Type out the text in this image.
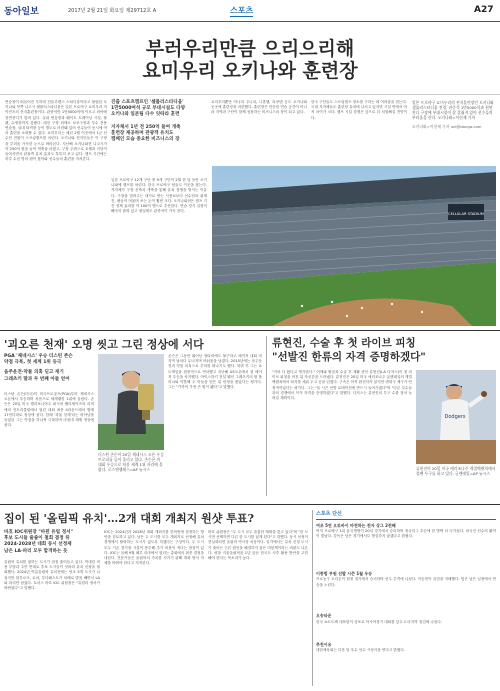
동아일보	2017년 2월 21일 화요일 제29712호 A	스포츠	A27
부러우리만큼 으리으리해
요미우리 오키나와 훈련장
연습장이 떠들어진 투하라 컨퓨루켄스 스타디움이라고 불렀던 오키나와 북쪽 나고시 셀룰러스타디움은 일본 프로야구 요미우리 자이언츠의 전지훈련장이다. 관중석만 1만5000석에 이르고 외야에 천연잔디가 깔려 있다. 실내 연습장과 웨이트 트레이닝 시설, 불펜, 수영장까지 갖췄다. 메인 구장 외에도 보조구장과 투수 전용 연습장, 실내 타격장 등이 별도로 마련돼 있어 선수들이 동시에 여러 훈련을 소화할 수 있다. 요미우리는 매년 2월 이곳에서 1군 선수단 전원이 스프링캠프를 차린다. 오키나와 현지인들은 이 구장을 부러움 가득한 눈으로 바라본다. 지난해 오키나와현 나고시가 약 250억 원을 들여 개축을 마쳤고, 구장 주변으로 호텔과 식당이 들어서면서 관광객 유치 효과도 톡톡히 보고 있다. 캠프 기간에는 하루 수천 명의 팬이 찾아와 선수들의 훈련을 지켜본다.
진출 스포츠캠프인 '셀룰러스타디움'
1만5000여석 규모 부대시설도 다양
오키나와 일본팀 다수 잇따라 훈련
지자체서 1년 전 250억 들여 개축
훈련장 제공하며 관광객 유치도
캠페인 모습 중요한 비즈니스의 장
일본 프로야구 12개 구단 중 9개 구단이 2월 한 달 동안 오키나와에 캠프를 차린다. 한국 프로야구 팀들도 이곳을 찾는다. 지자체가 구장 신축과 개축을 통해 유치 경쟁을 벌이는 이유다. 구장을 빌려주는 대가로 받는 사용료보다 선수단과 취재진, 팬들이 머물며 쓰는 돈이 훨씬 크다. 오키나와현은 캠프 기간 경제 효과를 약 100억 엔으로 추산한다. 연습 경기 일정이 빼곡히 잡혀 있고 평일에도 관중석이 가득 찬다.
요미우리뿐만 아니라 주니치, 니혼햄, 라쿠텐 등도 오키나와 곳곳에 훈련장을 마련했다. 훈련장은 단순한 연습 공간이 아니라 지역과 구단이 함께 성장하는 비즈니스의 장이 되고 있다.
한국 구단들도 스프링캠프 장소를 구하는 데 어려움을 겪는다. 국내 지자체들도 훈련장 유치에 나서고 있지만 시설 면에서 아직 차이가 크다. 캠프 시설 경쟁은 앞으로 더 치열해질 전망이다.
일본 프로야구 요미우리의 전지훈련장인 오키나와 셀룰러스타디움 전경. 관중석 1만5000석과 천연잔디 구장에 부대시설이 잘 갖춰져 있어 선수들의 부러움을 산다. 오키나와=이헌재 기자
오키나와=이헌재 기자 uni@donga.com
CELLULAR STADIUM
'괴오른 천재' 오명 씻고 그린 정상에 서다
PGA '제네시스' 우승 더스틴 존슨
약점 극복, 첫 세계 1위 등극
음주운전·약물 의혹 딛고 재기
그레츠키 딸과 두 번째 아들 얻어
더스틴 존슨(미국)이 미국프로골프(PGA)투어 제네시스 오픈에서 우승하며 처음으로 세계랭킹 1위에 올랐다. 존슨은 20일 미국 캘리포니아주 퍼시픽 팰리세이즈의 리비에라 컨트리클럽에서 열린 대회 최종 4라운드에서 합계 17언더파로 정상에 섰다. 한때 '괴물 천재'라는 비아냥을 들었던 그는 약점을 하나씩 극복하며 마침내 세계 정상에 섰다.
더스틴 존슨이 20일 제네시스 오픈 우승 트로피를 들어 올리고 있다. 존슨은 이 대회 우승으로 처음 세계 1위 자리에 올랐다. 로스앤젤레스=AP 뉴시스
존슨은 그동안 뛰어난 장타력에도 불구하고 메이저 대회 마지막 날마다 무너지며 아쉬움을 남겼다. 2015년에는 음주운전과 약물 의혹으로 투어를 떠나기도 했다. 복귀 후 그는 쇼트게임을 집중적으로 연마했고 지난해 US오픈에서 첫 메이저 우승을 차지했다. 아이스하키 전설 웨인 그레츠키의 딸 폴리나와 약혼해 두 아들을 얻은 뒤 안정을 찾았다는 평가다. 그는 "가족이 가장 큰 힘이 됐다"고 말했다.
류현진, 수술 후 첫 라이브 피칭
"선발진 한류의 자격 증명하겠다"
"거의 다 왔다고 생각한다." 어깨와 팔꿈치 수술 후 재활 중인 류현진(LA 다저스)이 첫 라이브 피칭을 마친 뒤 자신감을 드러냈다. 류현진은 20일 미국 애리조나주 글렌데일의 캐멀백랜치에서 타자를 세워 두고 공을 던졌다. 구속은 아직 완전하지 않지만 변화구 제구가 안정적이었다는 평가다. 그는 "올 시즌 선발 로테이션에 반드시 들어가겠다"며 "다른 투수들과의 경쟁에서 이겨 자격을 증명하겠다"고 말했다. 다저스는 류현진의 투구 수를 점차 늘려갈 계획이다.
Dodgers
류현진이 20일 미국 애리조나주 캐멀백랜치에서 불펜 투구를 하고 있다. 글렌데일=AP 뉴시스
집이 된 '올림픽 유치'…2개 대회 개최지 원샷 투표?
바흐 IOC위원장 "바뀐 유럽 정서"
후보 도시들 줄줄이 철회 결정 뒤
2024·2028년 대회 동시 선정제
남은 LA·파리 모두 합격하는 듯
올림픽 유치를 원하는 도시가 점점 줄어들고 있다. 막대한 비용 부담과 주민 반대로 후보 도시들이 잇따라 유치 신청을 철회했다. 2024년 여름올림픽 유치전에는 당초 5개 도시가 나섰지만 함부르크, 로마, 부다페스트가 차례로 발을 빼면서 LA와 파리만 남았다. 토마스 바흐 IOC 위원장은 "유럽의 정서가 바뀌었다"고 말했다.
IOC는 2024년과 2028년 대회 개최지를 한꺼번에 결정하는 방안을 검토하고 있다. 남은 두 도시를 모두 개최지로 선정해 유치 경쟁에서 탈락하는 도시가 없도록 하겠다는 구상이다. 두 도시 모두 기존 경기장 시설이 풍부해 추가 비용이 적다는 장점이 있다. IOC는 올해 9월 페루 리마에서 열리는 총회에서 최종 결정을 내린다. 전문가들은 올림픽의 가치를 지키기 위해 개최 방식 자체를 바꿔야 한다고 지적한다.
바흐 위원장은 "두 도시 모두 훌륭한 계획을 갖고 있다"며 "한 도시만 선택하면 다른 한 도시를 잃게 된다"고 말했다. 동시 선정이 현실화되면 올림픽 역사상 처음이다. 일각에서는 유치 신청 도시가 줄어든 근본 원인을 해결하지 않은 미봉책이라는 비판도 나온다. 평창 겨울올림픽을 1년 앞둔 한국도 사후 활용 방안을 고민해야 한다는 목소리가 높다.
스포츠 단신
여조 5연 오토바이 마천하는 전자 상그 2전째
여자 프로배구 1위 흥국생명이 20일 경기에서 승리하며 정규리그 우승에 한 발짝 더 다가섰다. 외국인 선수의 활약이 빛났다. 감독은 남은 경기에서도 방심하지 않겠다고 밝혔다.
이종범 부원 선발 시즌 1월 우승
프로농구 오리온이 원정 경기에서 승리하며 선두 추격에 나섰다. 이승현이 골밑을 지배했다. 팀은 남은 일정에서 연승을 노린다.
오송타운
한국 쇼트트랙 대표팀이 삿포로 아시아경기 대회를 앞두고 마지막 점검에 나섰다.
추천이유
대한체육회는 다음 달 우수 선수 시상식을 연다고 밝혔다.
